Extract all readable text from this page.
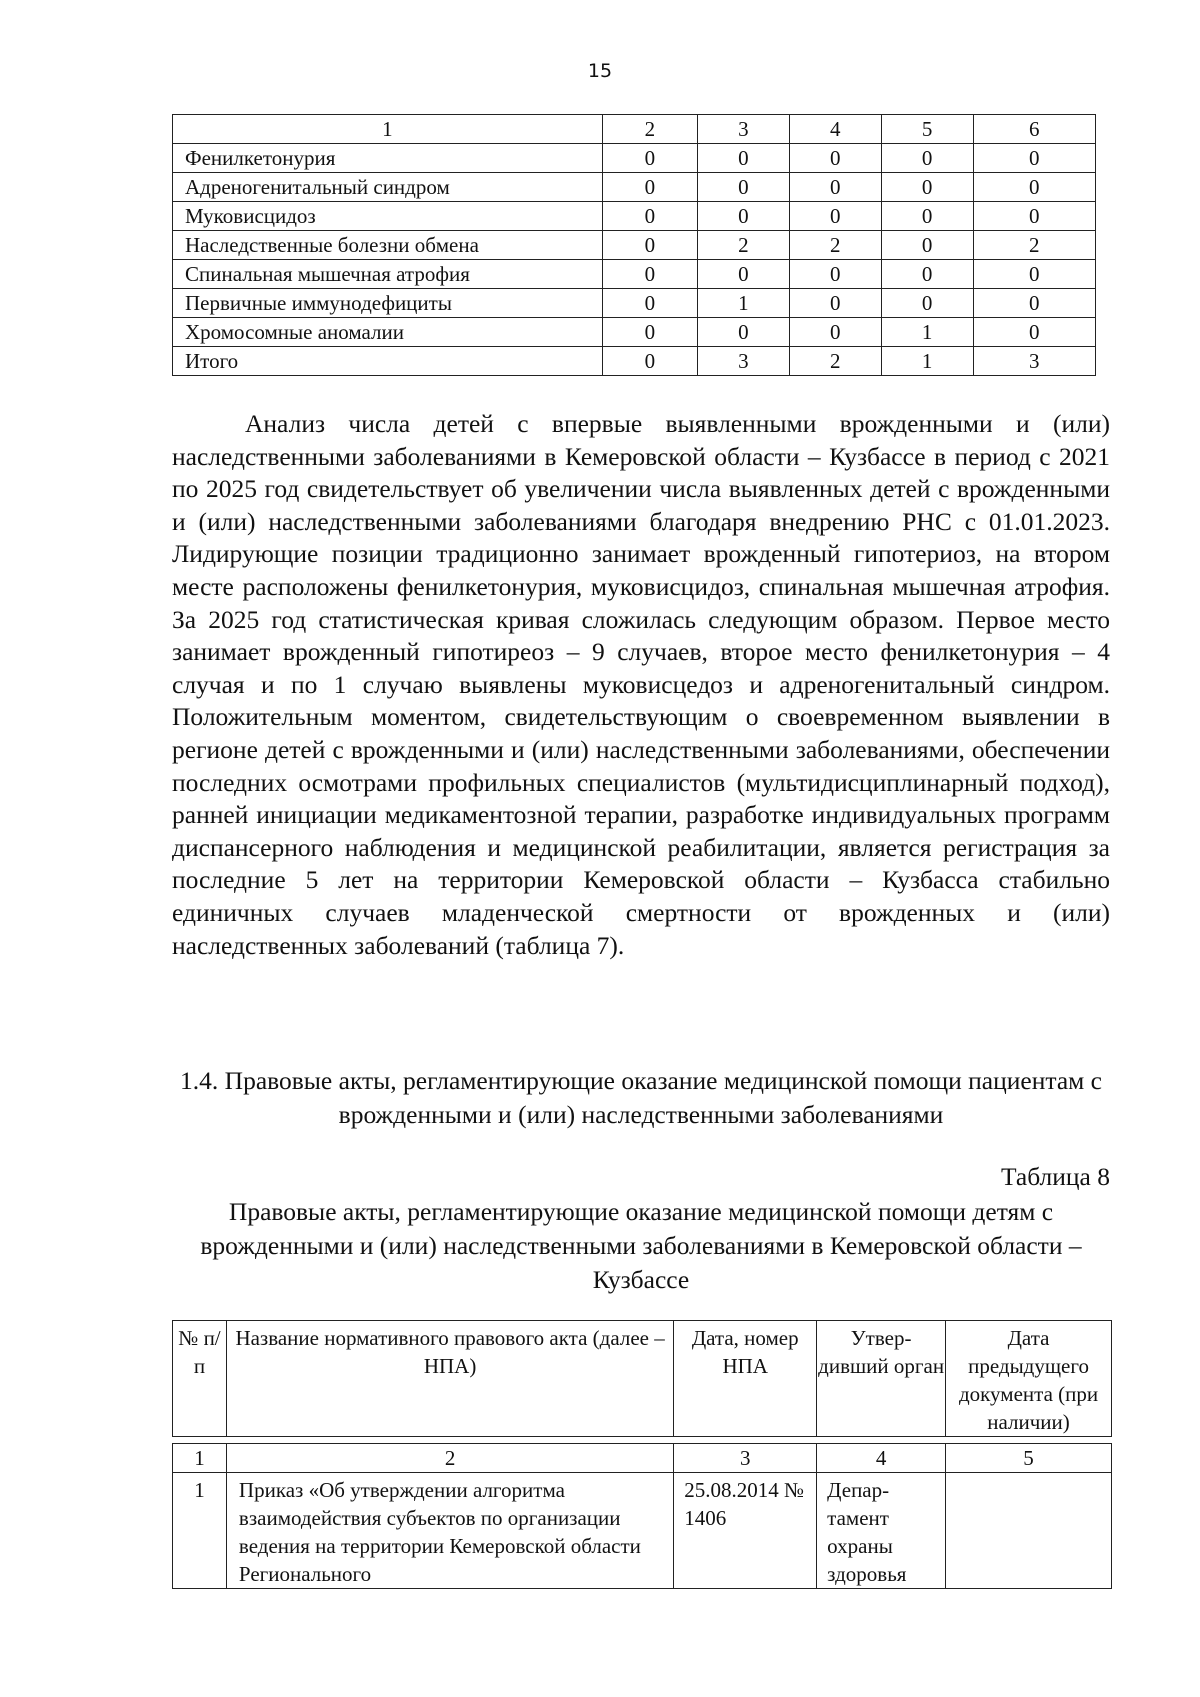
15
1	2	3	4	5	6
Фенилкетонурия	0	0	0	0	0
Адреногенитальный синдром	0	0	0	0	0
Муковисцидоз	0	0	0	0	0
Наследственные болезни обмена	0	2	2	0	2
Спинальная мышечная атрофия	0	0	0	0	0
Первичные иммунодефициты	0	1	0	0	0
Хромосомные аномалии	0	0	0	1	0
Итого	0	3	2	1	3

Анализ числа детей с впервые выявленными врожденными и (или) наследственными заболеваниями в Кемеровской области – Кузбассе в период с 2021 по 2025 год свидетельствует об увеличении числа выявленных детей с врожденными и (или) наследственными заболеваниями благодаря внедрению РНС с 01.01.2023. Лидирующие позиции традиционно занимает врожденный гипотериоз, на втором месте расположены фенилкетонурия, муковисцидоз, спинальная мышечная атрофия. За 2025 год статистическая кривая сложилась следующим образом. Первое место занимает врожденный гипотиреоз – 9 случаев, второе место фенилкетонурия – 4 случая и по 1 случаю выявлены муковисцедоз и адреногенитальный синдром. Положительным моментом, свидетельствующим о своевременном выявлении в регионе детей с врожденными и (или) наследственными заболеваниями, обеспечении последних осмотрами профильных специалистов (мультидисциплинарный подход), ранней инициации медикаментозной терапии, разработке индивидуальных программ диспансерного наблюдения и медицинской реабилитации, является регистрация за последние 5 лет на территории Кемеровской области – Кузбасса стабильно единичных случаев младенческой смертности от врожденных и (или) наследственных заболеваний (таблица 7).

1.4. Правовые акты, регламентирующие оказание медицинской помощи пациентам с врожденными и (или) наследственными заболеваниями

Таблица 8

Правовые акты, регламентирующие оказание медицинской помощи детям с врожденными и (или) наследственными заболеваниями в Кемеровской области – Кузбассе

№ п/п	Название нормативного правового акта (далее – НПА)	Дата, номер НПА	Утвер-дивший орган	Дата предыдущего документа (при наличии)

1	2	3	4	5
1	Приказ «Об утверждении алгоритма взаимодействия субъектов по организации ведения на территории Кемеровской области Регионального	25.08.2014 № 1406	Депар-тамент охраны здоровья	
